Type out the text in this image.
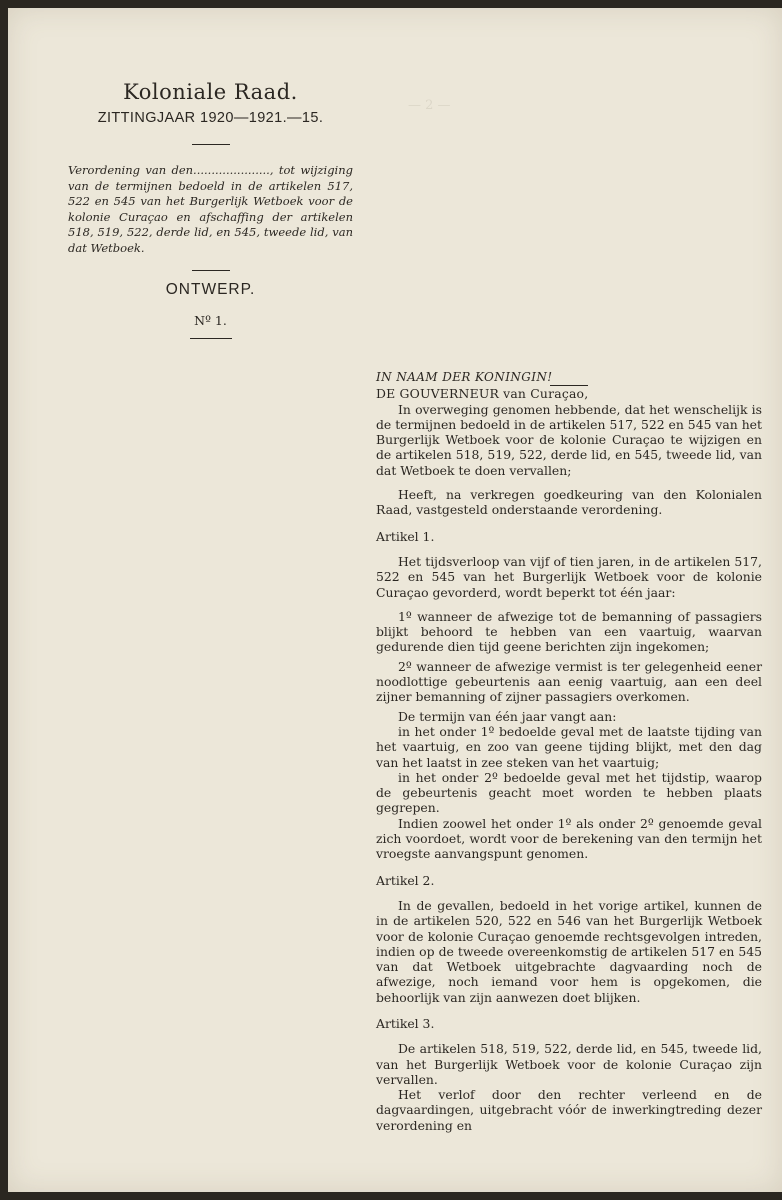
— 2 —
Koloniale Raad.
ZITTINGJAAR 1920—1921.—15.

Verordening van den....................., tot wijziging van de termijnen bedoeld in de artikelen 517, 522 en 545 van het Burgerlijk Wetboek voor de kolonie Curaçao en afschaffing der artikelen 518, 519, 522, derde lid, en 545, tweede lid, van dat Wetboek.

ONTWERP.
Nº 1.

IN NAAM DER KONINGIN!

DE GOUVERNEUR van Curaçao,

In overweging genomen hebbende, dat het wenschelijk is de termijnen bedoeld in de artikelen 517, 522 en 545 van het Burgerlijk Wetboek voor de kolonie Curaçao te wijzigen en de artikelen 518, 519, 522, derde lid, en 545, tweede lid, van dat Wetboek te doen vervallen;

Heeft, na verkregen goedkeuring van den Kolonialen Raad, vastgesteld onderstaande verordening.

Artikel 1.

Het tijdsverloop van vijf of tien jaren, in de artikelen 517, 522 en 545 van het Burgerlijk Wetboek voor de kolonie Curaçao gevorderd, wordt beperkt tot één jaar:

1º wanneer de afwezige tot de bemanning of passagiers blijkt behoord te hebben van een vaartuig, waarvan gedurende dien tijd geene berichten zijn ingekomen;

2º wanneer de afwezige vermist is ter gelegenheid eener noodlottige gebeurtenis aan eenig vaartuig, aan een deel zijner bemanning of zijner passagiers overkomen.

De termijn van één jaar vangt aan:

in het onder 1º bedoelde geval met de laatste tijding van het vaartuig, en zoo van geene tijding blijkt, met den dag van het laatst in zee steken van het vaartuig;

in het onder 2º bedoelde geval met het tijdstip, waarop de gebeurtenis geacht moet worden te hebben plaats gegrepen.

Indien zoowel het onder 1º als onder 2º genoemde geval zich voordoet, wordt voor de berekening van den termijn het vroegste aanvangspunt genomen.

Artikel 2.

In de gevallen, bedoeld in het vorige artikel, kunnen de in de artikelen 520, 522 en 546 van het Burgerlijk Wetboek voor de kolonie Curaçao genoemde rechtsgevolgen intreden, indien op de tweede overeenkomstig de artikelen 517 en 545 van dat Wetboek uitgebrachte dagvaarding noch de afwezige, noch iemand voor hem is opgekomen, die behoorlijk van zijn aanwezen doet blijken.

Artikel 3.

De artikelen 518, 519, 522, derde lid, en 545, tweede lid, van het Burgerlijk Wetboek voor de kolonie Curaçao zijn vervallen.

Het verlof door den rechter verleend en de dagvaardingen, uitgebracht vóór de inwerkingtreding dezer verordening en
